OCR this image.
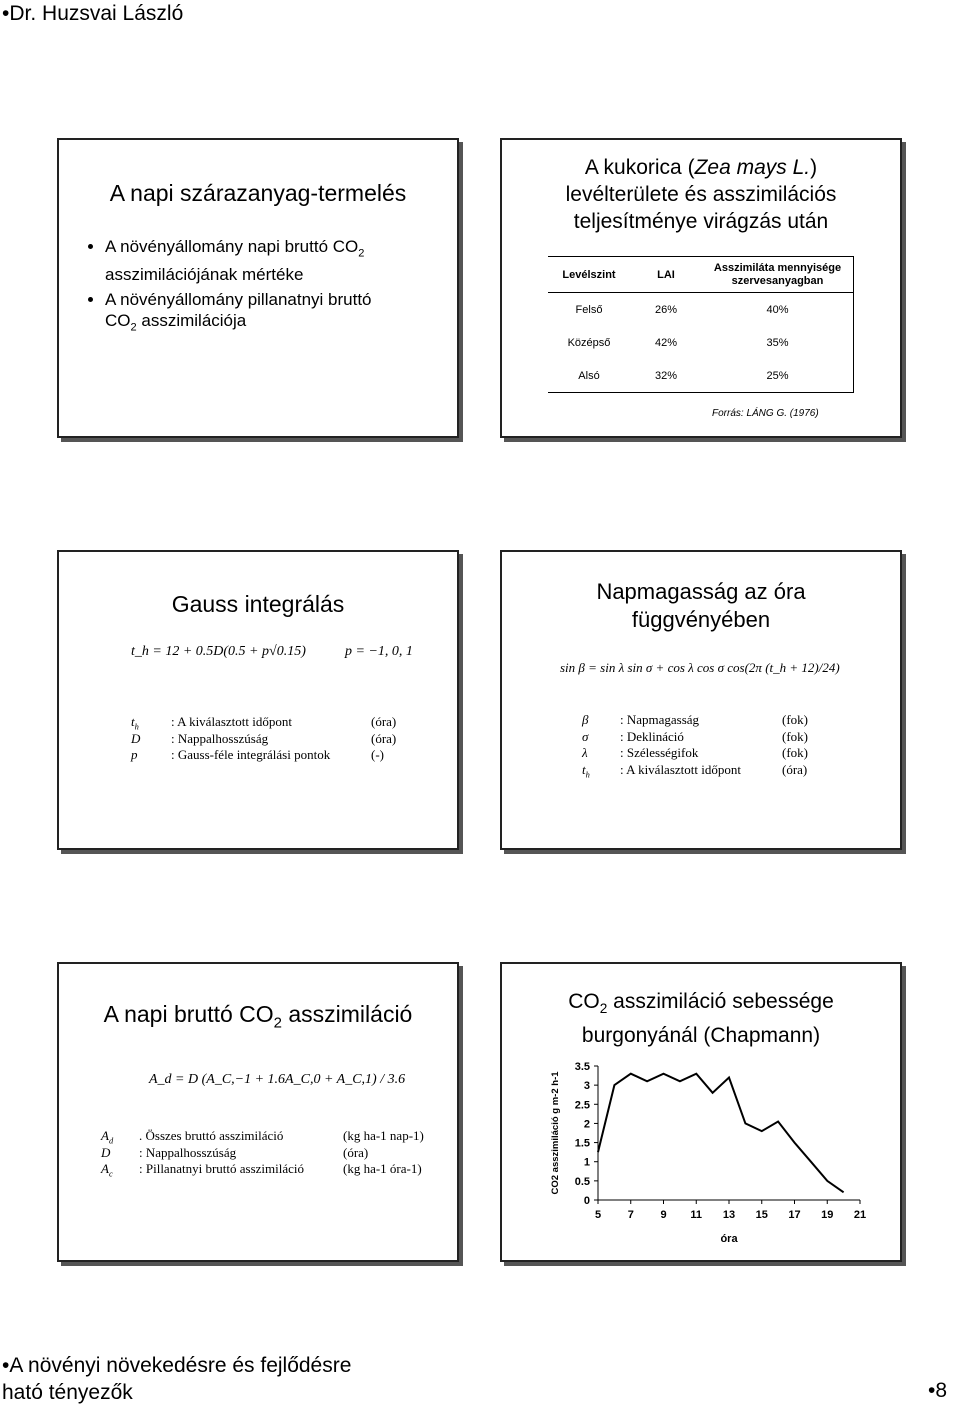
•Dr. Huzsvai László
•A növényi növekedésre és fejlődésre
ható tényezők	•8
A napi szárazanyag-termelés
• A növényállomány napi bruttó $CO_2$
asszimilációjának mértéke
• A növényállomány pillanatnyi bruttó
$CO_2$ asszimilációja
A kukorica (Zea mays L.)
levélterülete és asszimilációs
teljesítménye virágzás után
Levélszint	LAI	Asszimiláta mennyisége szervesanyagban
Felső	26%	40%
Középső	42%	35%
Alsó	32%	25%
Forrás: LÁNG G. (1976)
Gauss integrálás
t_h = 12 + 0.5D(0.5 + p√0.15)	p = −1, 0, 1
$t_h$ : A kiválasztott időpont	(óra)
D : Nappalhosszúság	(óra)
p	: Gauss-féle integrálási pontok	(-)
Napmagasság az óra
függvényében
sin β = sin λ sin σ + cos λ cos σ cos(2π (t_h + 12)/24)
β : Napmagasság	(fok)
σ : Deklináció	(fok)
λ : Szélességifok	(fok)
$t_h$ : A kiválasztott időpont	(óra)
A napi bruttó $CO_2$ asszimiláció
A_d = D (A_C,−1 + 1.6A_C,0 + A_C,1) / 3.6
$A_d$ . Összes bruttó asszimiláció	(kg ha-1 nap-1)
D : Nappalhosszúság	(óra)
$A_c$ : Pillanatnyi bruttó asszimiláció	(kg ha-1 óra-1)
$CO_2$ asszimiláció sebessége
burgonyánál (Chapmann)
0
0.5
1
1.5
2
2.5
3
3.5
5 7 9 11 13 15 17 19 21
óra
CO2 asszimiláció g m-2 h-1
